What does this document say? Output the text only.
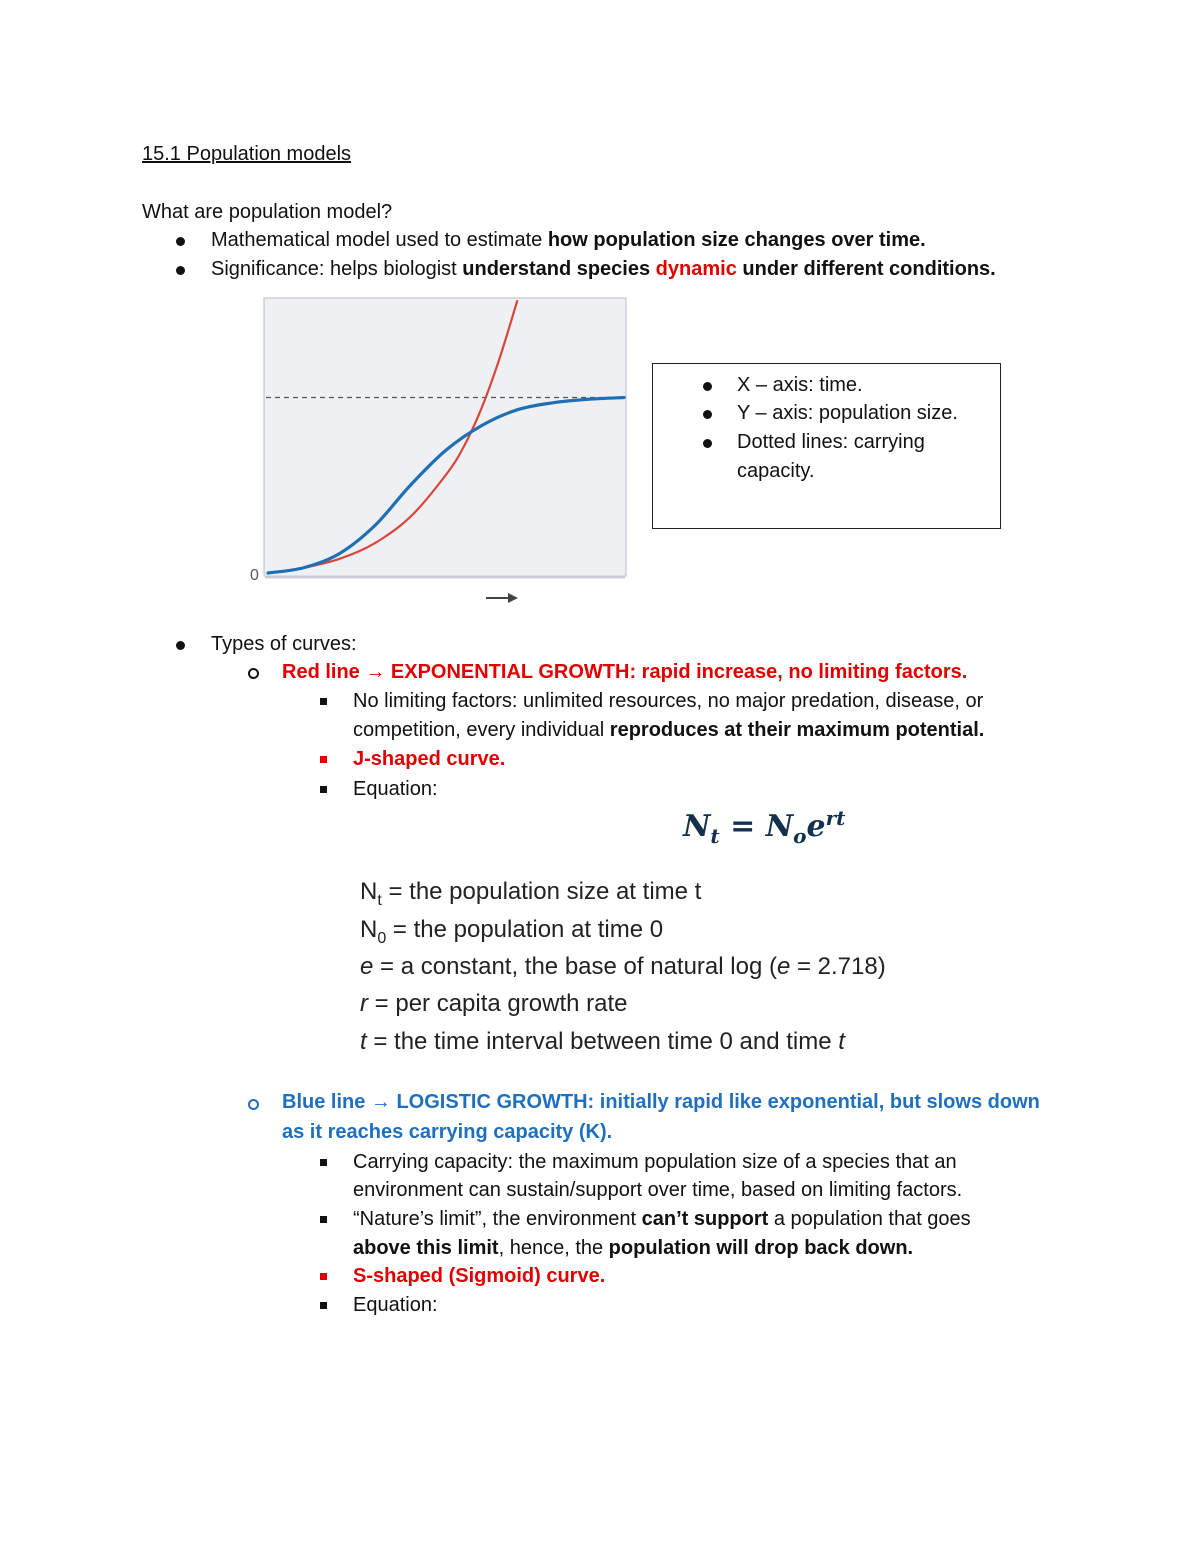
15.1 Population models
What are population model?
Mathematical model used to estimate how population size changes over time.
Significance: helps biologist understand species dynamic under different conditions.
0
X – axis: time.
Y – axis: population size.
Dotted lines: carrying
capacity.
Types of curves:
Red line → EXPONENTIAL GROWTH: rapid increase, no limiting factors.
No limiting factors: unlimited resources, no major predation, disease, or
competition, every individual reproduces at their maximum potential.
J-shaped curve.
Equation:
$N_t = N_oe^{rt}$
$N_t$ = the population size at time t
$N_0$ = the population at time 0
e = a constant, the base of natural log (e = 2.718)
r = per capita growth rate
t = the time interval between time 0 and time t
Blue line → LOGISTIC GROWTH: initially rapid like exponential, but slows down
as it reaches carrying capacity (K).
Carrying capacity: the maximum population size of a species that an
environment can sustain/support over time, based on limiting factors.
“Nature’s limit”, the environment can’t support a population that goes
above this limit, hence, the population will drop back down.
S-shaped (Sigmoid) curve.
Equation:
